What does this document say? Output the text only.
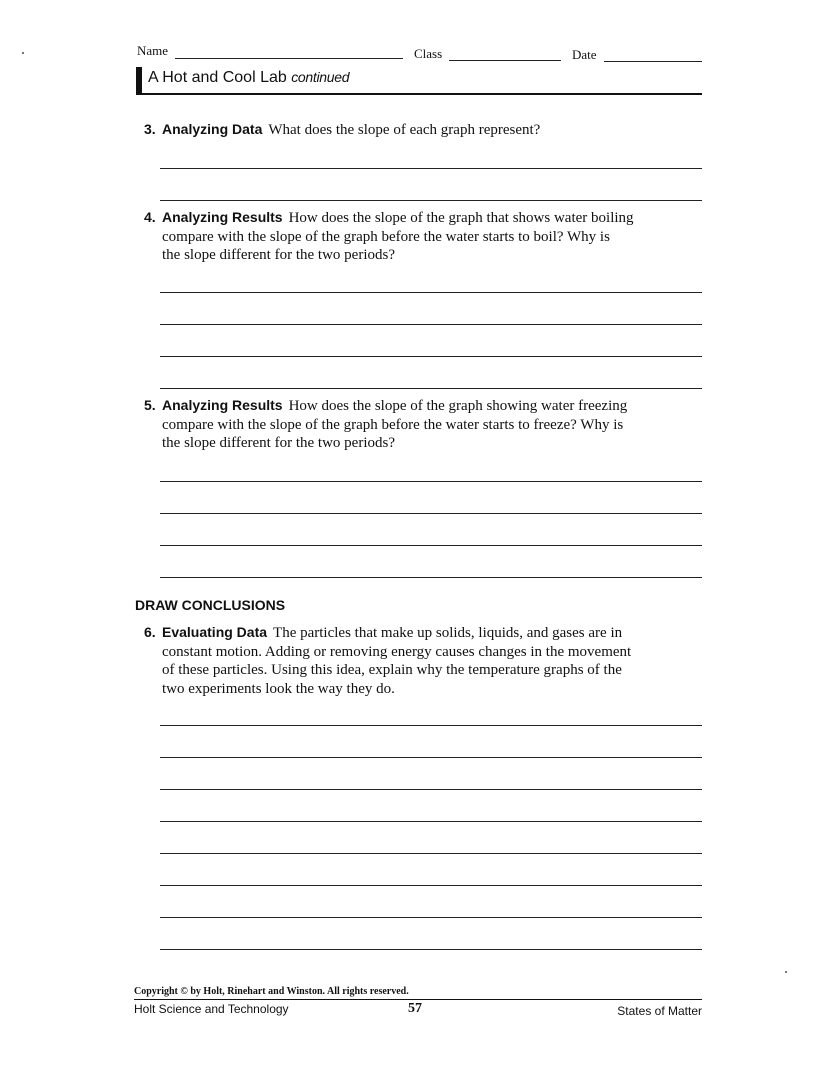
Name	Class	Date
A Hot and Cool Lab continued
3. Analyzing Data What does the slope of each graph represent?
4. Analyzing Results How does the slope of the graph that shows water boiling
compare with the slope of the graph before the water starts to boil? Why is
the slope different for the two periods?
5. Analyzing Results How does the slope of the graph showing water freezing
compare with the slope of the graph before the water starts to freeze? Why is
the slope different for the two periods?
DRAW CONCLUSIONS
6. Evaluating Data The particles that make up solids, liquids, and gases are in
constant motion. Adding or removing energy causes changes in the movement
of these particles. Using this idea, explain why the temperature graphs of the
two experiments look the way they do.
Copyright © by Holt, Rinehart and Winston. All rights reserved.
Holt Science and Technology	57	States of Matter
